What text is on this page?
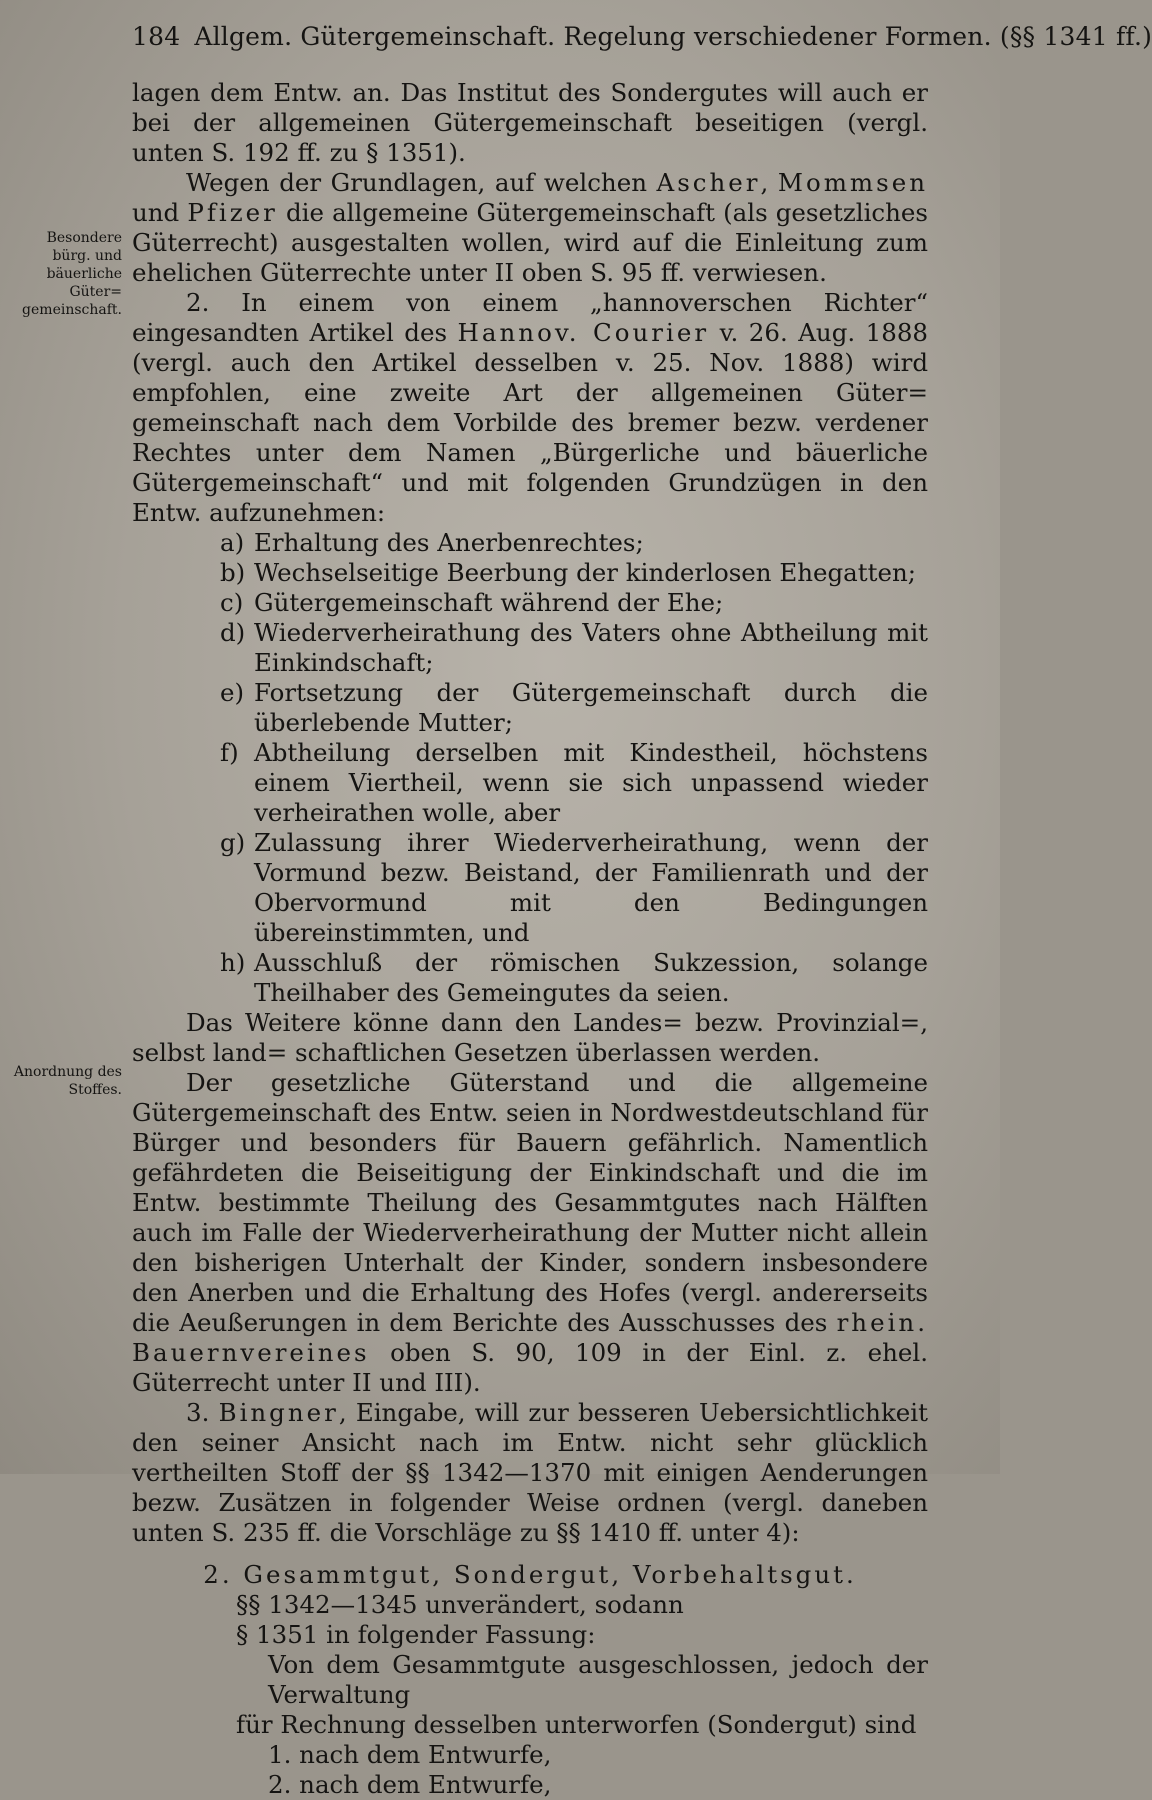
184 Allgem. Gütergemeinschaft. Regelung verschiedener Formen. (§§ 1341 ff.)
Besondere bürg. und bäuerliche Güter= gemeinschaft.
Anordnung des Stoffes.

lagen dem Entw. an. Das Institut des Sondergutes will auch er bei der allgemeinen Gütergemeinschaft beseitigen (vergl. unten S. 192 ff. zu § 1351).

Wegen der Grundlagen, auf welchen Ascher, Mommsen und Pfizer die allgemeine Gütergemeinschaft (als gesetzliches Güterrecht) ausgestalten wollen, wird auf die Einleitung zum ehelichen Güterrechte unter II oben S. 95 ff. verwiesen.

2. In einem von einem „hannoverschen Richter“ eingesandten Artikel des Hannov. Courier v. 26. Aug. 1888 (vergl. auch den Artikel desselben v. 25. Nov. 1888) wird empfohlen, eine zweite Art der allgemeinen Güter= gemeinschaft nach dem Vorbilde des bremer bezw. verdener Rechtes unter dem Namen „Bürgerliche und bäuerliche Gütergemeinschaft“ und mit folgenden Grundzügen in den Entw. aufzunehmen:

a) Erhaltung des Anerbenrechtes;
b) Wechselseitige Beerbung der kinderlosen Ehegatten;
c) Gütergemeinschaft während der Ehe;
d) Wiederverheirathung des Vaters ohne Abtheilung mit Einkindschaft;
e) Fortsetzung der Gütergemeinschaft durch die überlebende Mutter;
f) Abtheilung derselben mit Kindestheil, höchstens einem Viertheil, wenn sie sich unpassend wieder verheirathen wolle, aber
g) Zulassung ihrer Wiederverheirathung, wenn der Vormund bezw. Beistand, der Familienrath und der Obervormund mit den Bedingungen übereinstimmten, und
h) Ausschluß der römischen Sukzession, solange Theilhaber des Gemeingutes da seien.

Das Weitere könne dann den Landes= bezw. Provinzial=, selbst land= schaftlichen Gesetzen überlassen werden.

Der gesetzliche Güterstand und die allgemeine Gütergemeinschaft des Entw. seien in Nordwestdeutschland für Bürger und besonders für Bauern gefährlich. Namentlich gefährdeten die Beiseitigung der Einkindschaft und die im Entw. bestimmte Theilung des Gesammtgutes nach Hälften auch im Falle der Wiederverheirathung der Mutter nicht allein den bisherigen Unterhalt der Kinder, sondern insbesondere den Anerben und die Erhaltung des Hofes (vergl. andererseits die Aeußerungen in dem Berichte des Ausschusses des rhein. Bauernvereines oben S. 90, 109 in der Einl. z. ehel. Güterrecht unter II und III).

3. Bingner, Eingabe, will zur besseren Uebersichtlichkeit den seiner Ansicht nach im Entw. nicht sehr glücklich vertheilten Stoff der §§ 1342—1370 mit einigen Aenderungen bezw. Zusätzen in folgender Weise ordnen (vergl. daneben unten S. 235 ff. die Vorschläge zu §§ 1410 ff. unter 4):

2. Gesammtgut, Sondergut, Vorbehaltsgut.

§§ 1342—1345 unverändert, sodann

§ 1351 in folgender Fassung:

Von dem Gesammtgute ausgeschlossen, jedoch der Verwaltung

für Rechnung desselben unterworfen (Sondergut) sind

1. nach dem Entwurfe,

2. nach dem Entwurfe,
